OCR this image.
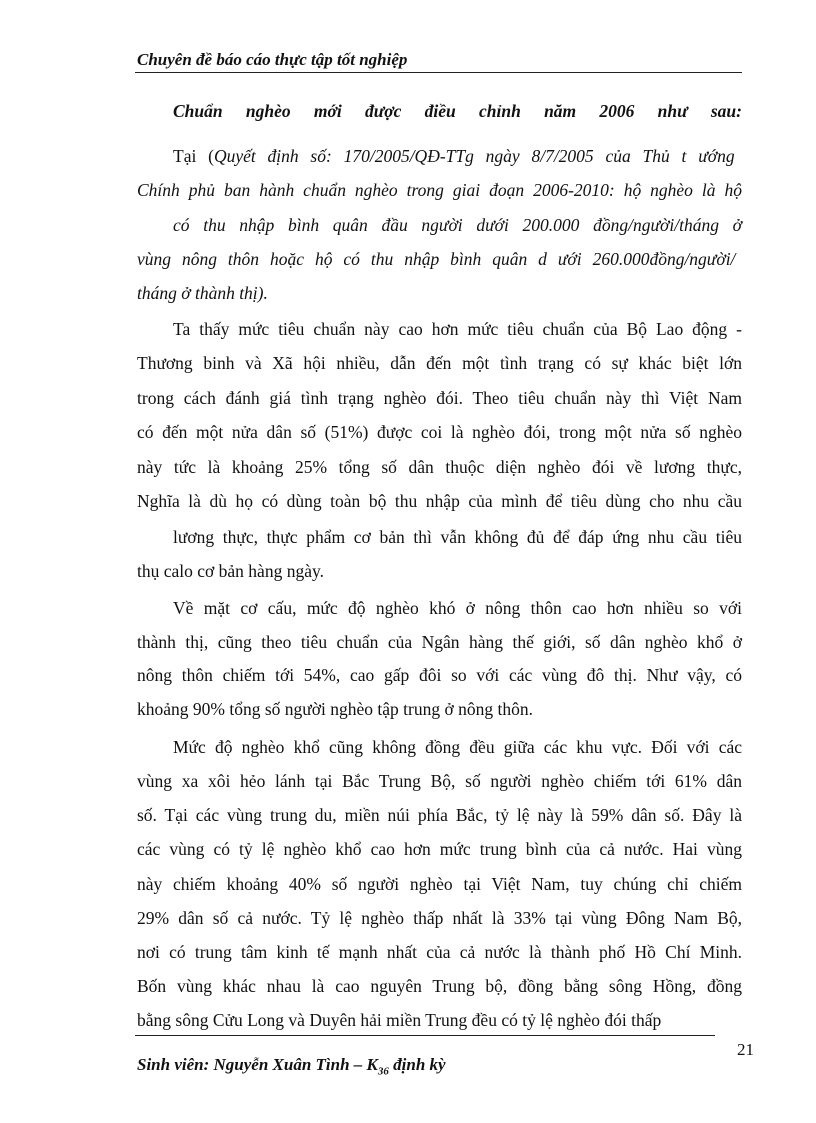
Chuyên đề báo cáo thực tập tốt nghiệp
Chuẩn nghèo mới được điều chỉnh năm 2006 như sau:
Tại (Quyết định số: 170/2005/QĐ-TTg ngày 8/7/2005 của Thủ t ướng
Chính phủ ban hành chuẩn nghèo trong giai đoạn 2006-2010: hộ nghèo là hộ
có thu nhập bình quân đầu người dưới 200.000 đồng/người/tháng ở
vùng nông thôn hoặc hộ có thu nhập bình quân d ưới 260.000đồng/người/
tháng ở thành thị).
Ta thấy mức tiêu chuẩn này cao hơn mức tiêu chuẩn của Bộ Lao động -
Thương binh và Xã hội nhiều, dẫn đến một tình trạng có sự khác biệt lớn
trong cách đánh giá tình trạng nghèo đói. Theo tiêu chuẩn này thì Việt Nam
có đến một nửa dân số (51%) được coi là nghèo đói, trong một nửa số nghèo
này tức là khoảng 25% tổng số dân thuộc diện nghèo đói về lương thực,
Nghĩa là dù họ có dùng toàn bộ thu nhập của mình để tiêu dùng cho nhu cầu
lương thực, thực phẩm cơ bản thì vẫn không đủ để đáp ứng nhu cầu tiêu
thụ calo cơ bản hàng ngày.
Về mặt cơ cấu, mức độ nghèo khó ở nông thôn cao hơn nhiều so với
thành thị, cũng theo tiêu chuẩn của Ngân hàng thế giới, số dân nghèo khổ ở
nông thôn chiếm tới 54%, cao gấp đôi so với các vùng đô thị. Như vậy, có
khoảng 90% tổng số người nghèo tập trung ở nông thôn.
Mức độ nghèo khổ cũng không đồng đều giữa các khu vực. Đối với các
vùng xa xôi hẻo lánh tại Bắc Trung Bộ, số người nghèo chiếm tới 61% dân
số. Tại các vùng trung du, miền núi phía Bắc, tỷ lệ này là 59% dân số. Đây là
các vùng có tỷ lệ nghèo khổ cao hơn mức trung bình của cả nước. Hai vùng
này chiếm khoảng 40% số người nghèo tại Việt Nam, tuy chúng chỉ chiếm
29% dân số cả nước. Tỷ lệ nghèo thấp nhất là 33% tại vùng Đông Nam Bộ,
nơi có trung tâm kinh tế mạnh nhất của cả nước là thành phố Hồ Chí Minh.
Bốn vùng khác nhau là cao nguyên Trung bộ, đồng bằng sông Hồng, đồng
bằng sông Cửu Long và Duyên hải miền Trung đều có tỷ lệ nghèo đói thấp
21
Sinh viên: Nguyễn Xuân Tình – $K_{36}$ định kỳ
